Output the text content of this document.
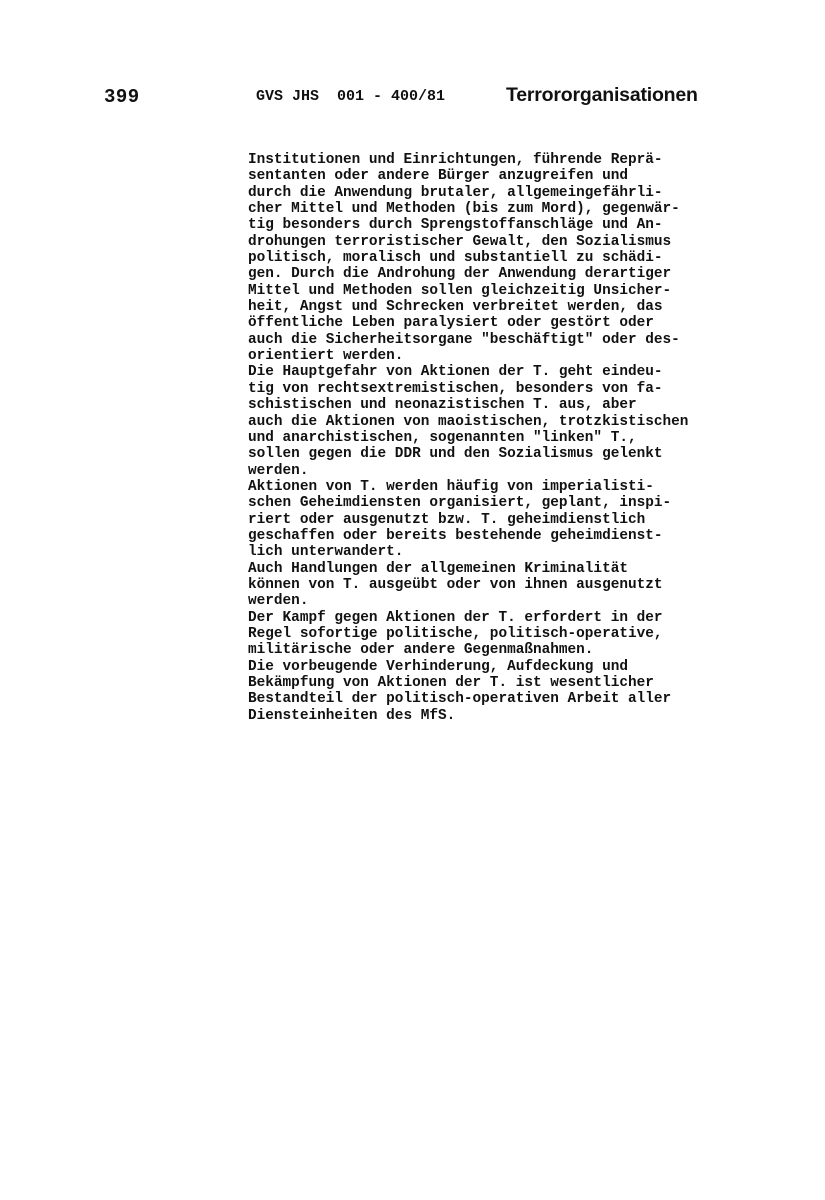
399	GVS JHS  001 - 400/81	Terrororganisationen
Institutionen und Einrichtungen, führende Reprä-
sentanten oder andere Bürger anzugreifen und
durch die Anwendung brutaler, allgemeingefährli-
cher Mittel und Methoden (bis zum Mord), gegenwär-
tig besonders durch Sprengstoffanschläge und An-
drohungen terroristischer Gewalt, den Sozialismus
politisch, moralisch und substantiell zu schädi-
gen. Durch die Androhung der Anwendung derartiger
Mittel und Methoden sollen gleichzeitig Unsicher-
heit, Angst und Schrecken verbreitet werden, das
öffentliche Leben paralysiert oder gestört oder
auch die Sicherheitsorgane "beschäftigt" oder des-
orientiert werden.
Die Hauptgefahr von Aktionen der T. geht eindeu-
tig von rechtsextremistischen, besonders von fa-
schistischen und neonazistischen T. aus, aber
auch die Aktionen von maoistischen, trotzkistischen
und anarchistischen, sogenannten "linken" T.,
sollen gegen die DDR und den Sozialismus gelenkt
werden.
Aktionen von T. werden häufig von imperialisti-
schen Geheimdiensten organisiert, geplant, inspi-
riert oder ausgenutzt bzw. T. geheimdienstlich
geschaffen oder bereits bestehende geheimdienst-
lich unterwandert.
Auch Handlungen der allgemeinen Kriminalität
können von T. ausgeübt oder von ihnen ausgenutzt
werden.
Der Kampf gegen Aktionen der T. erfordert in der
Regel sofortige politische, politisch-operative,
militärische oder andere Gegenmaßnahmen.
Die vorbeugende Verhinderung, Aufdeckung und
Bekämpfung von Aktionen der T. ist wesentlicher
Bestandteil der politisch-operativen Arbeit aller
Diensteinheiten des MfS.
